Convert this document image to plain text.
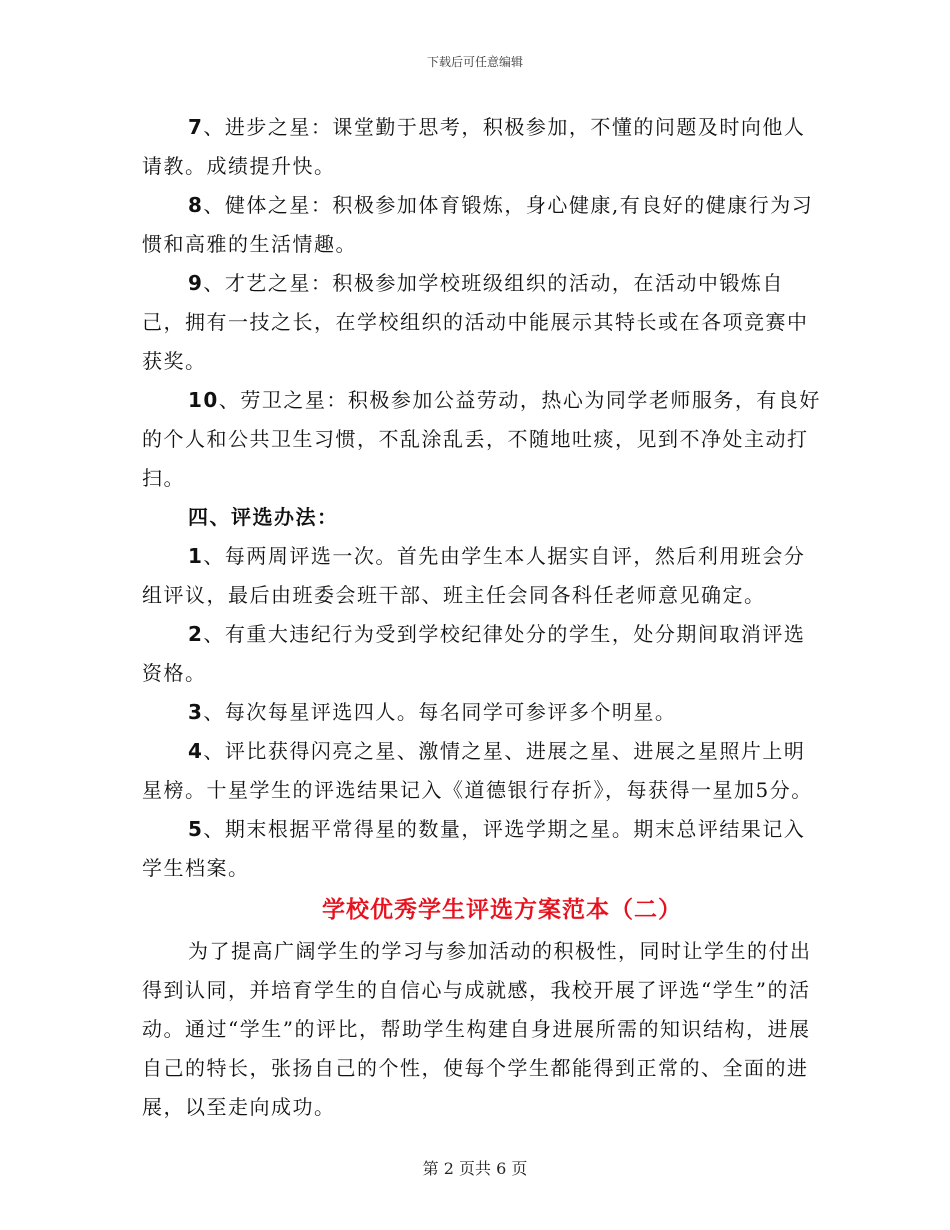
下载后可任意编辑

7、进步之星：课堂勤于思考，积极参加，不懂的问题及时向他人请教。成绩提升快。

8、健体之星：积极参加体育锻炼，身心健康,有良好的健康行为习惯和高雅的生活情趣。

9、才艺之星：积极参加学校班级组织的活动，在活动中锻炼自己，拥有一技之长，在学校组织的活动中能展示其特长或在各项竞赛中获奖。

10、劳卫之星：积极参加公益劳动，热心为同学老师服务，有良好的个人和公共卫生习惯，不乱涂乱丢，不随地吐痰，见到不净处主动打扫。

四、评选办法：

1、每两周评选一次。首先由学生本人据实自评，然后利用班会分组评议，最后由班委会班干部、班主任会同各科任老师意见确定。

2、有重大违纪行为受到学校纪律处分的学生，处分期间取消评选资格。

3、每次每星评选四人。每名同学可参评多个明星。

4、评比获得闪亮之星、激情之星、进展之星、进展之星照片上明星榜。十星学生的评选结果记入《道德银行存折》，每获得一星加5分。

5、期末根据平常得星的数量，评选学期之星。期末总评结果记入学生档案。

学校优秀学生评选方案范本（二）

为了提高广阔学生的学习与参加活动的积极性，同时让学生的付出得到认同，并培育学生的自信心与成就感，我校开展了评选“学生”的活动。通过“学生”的评比，帮助学生构建自身进展所需的知识结构，进展自己的特长，张扬自己的个性，使每个学生都能得到正常的、全面的进展，以至走向成功。

第 2 页共 6 页
